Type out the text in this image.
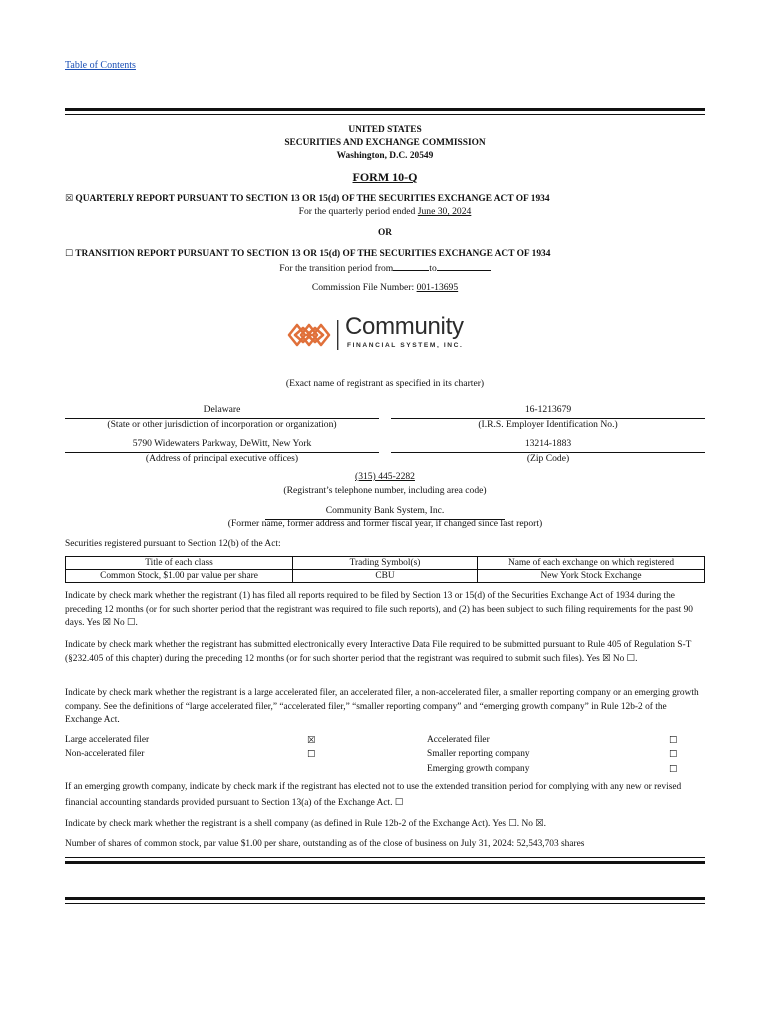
Table of Contents
UNITED STATES
SECURITIES AND EXCHANGE COMMISSION
Washington, D.C. 20549
FORM 10-Q
☒ QUARTERLY REPORT PURSUANT TO SECTION 13 OR 15(d) OF THE SECURITIES EXCHANGE ACT OF 1934
For the quarterly period ended June 30, 2024
OR
☐ TRANSITION REPORT PURSUANT TO SECTION 13 OR 15(d) OF THE SECURITIES EXCHANGE ACT OF 1934
For the transition period from	to
Commission File Number: 001-13695
Community
FINANCIAL SYSTEM, INC.
(Exact name of registrant as specified in its charter)
Delaware
(State or other jurisdiction of incorporation or organization)
16-1213679
(I.R.S. Employer Identification No.)
5790 Widewaters Parkway, DeWitt, New York
(Address of principal executive offices)
13214-1883
(Zip Code)
(315) 445-2282
(Registrant’s telephone number, including area code)
Community Bank System, Inc.
(Former name, former address and former fiscal year, if changed since last report)
Securities registered pursuant to Section 12(b) of the Act:
Title of each class	Trading Symbol(s)	Name of each exchange on which registered
Common Stock, $1.00 par value per share	CBU	New York Stock Exchange
Indicate by check mark whether the registrant (1) has filed all reports required to be filed by Section 13 or 15(d) of the Securities Exchange Act of 1934 during the preceding 12 months (or for such shorter period that the registrant was required to file such reports), and (2) has been subject to such filing requirements for the past 90 days. Yes ☒ No ☐.
Indicate by check mark whether the registrant has submitted electronically every Interactive Data File required to be submitted pursuant to Rule 405 of Regulation S-T (§232.405 of this chapter) during the preceding 12 months (or for such shorter period that the registrant was required to submit such files). Yes ☒ No ☐.
Indicate by check mark whether the registrant is a large accelerated filer, an accelerated filer, a non-accelerated filer, a smaller reporting company or an emerging growth company. See the definitions of “large accelerated filer,” “accelerated filer,” “smaller reporting company” and “emerging growth company” in Rule 12b-2 of the Exchange Act.
Large accelerated filer	☒
Non-accelerated filer	☐
Accelerated filer	☐
Smaller reporting company	☐
Emerging growth company	☐
If an emerging growth company, indicate by check mark if the registrant has elected not to use the extended transition period for complying with any new or revised financial accounting standards provided pursuant to Section 13(a) of the Exchange Act. ☐
Indicate by check mark whether the registrant is a shell company (as defined in Rule 12b-2 of the Exchange Act). Yes ☐. No ☒.
Number of shares of common stock, par value $1.00 per share, outstanding as of the close of business on July 31, 2024: 52,543,703 shares
